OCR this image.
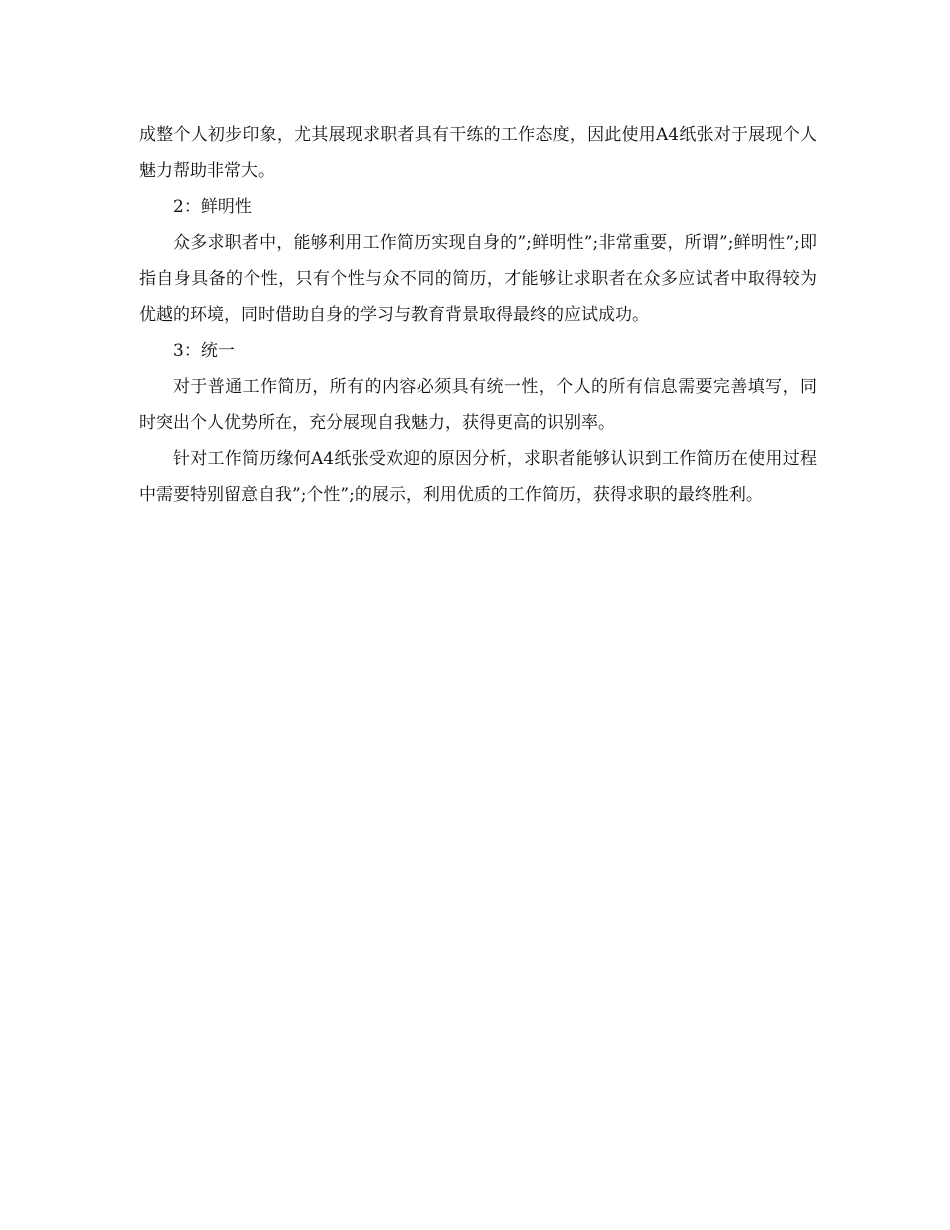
成整个人初步印象，尤其展现求职者具有干练的工作态度，因此使用A4纸张对于展现个人魅力帮助非常大。

2：鲜明性

众多求职者中，能够利用工作简历实现自身的”;鲜明性”;非常重要，所谓”;鲜明性”;即指自身具备的个性，只有个性与众不同的简历，才能够让求职者在众多应试者中取得较为优越的环境，同时借助自身的学习与教育背景取得最终的应试成功。

3：统一

对于普通工作简历，所有的内容必须具有统一性，个人的所有信息需要完善填写，同时突出个人优势所在，充分展现自我魅力，获得更高的识别率。

针对工作简历缘何A4纸张受欢迎的原因分析，求职者能够认识到工作简历在使用过程中需要特别留意自我”;个性”;的展示，利用优质的工作简历，获得求职的最终胜利。
